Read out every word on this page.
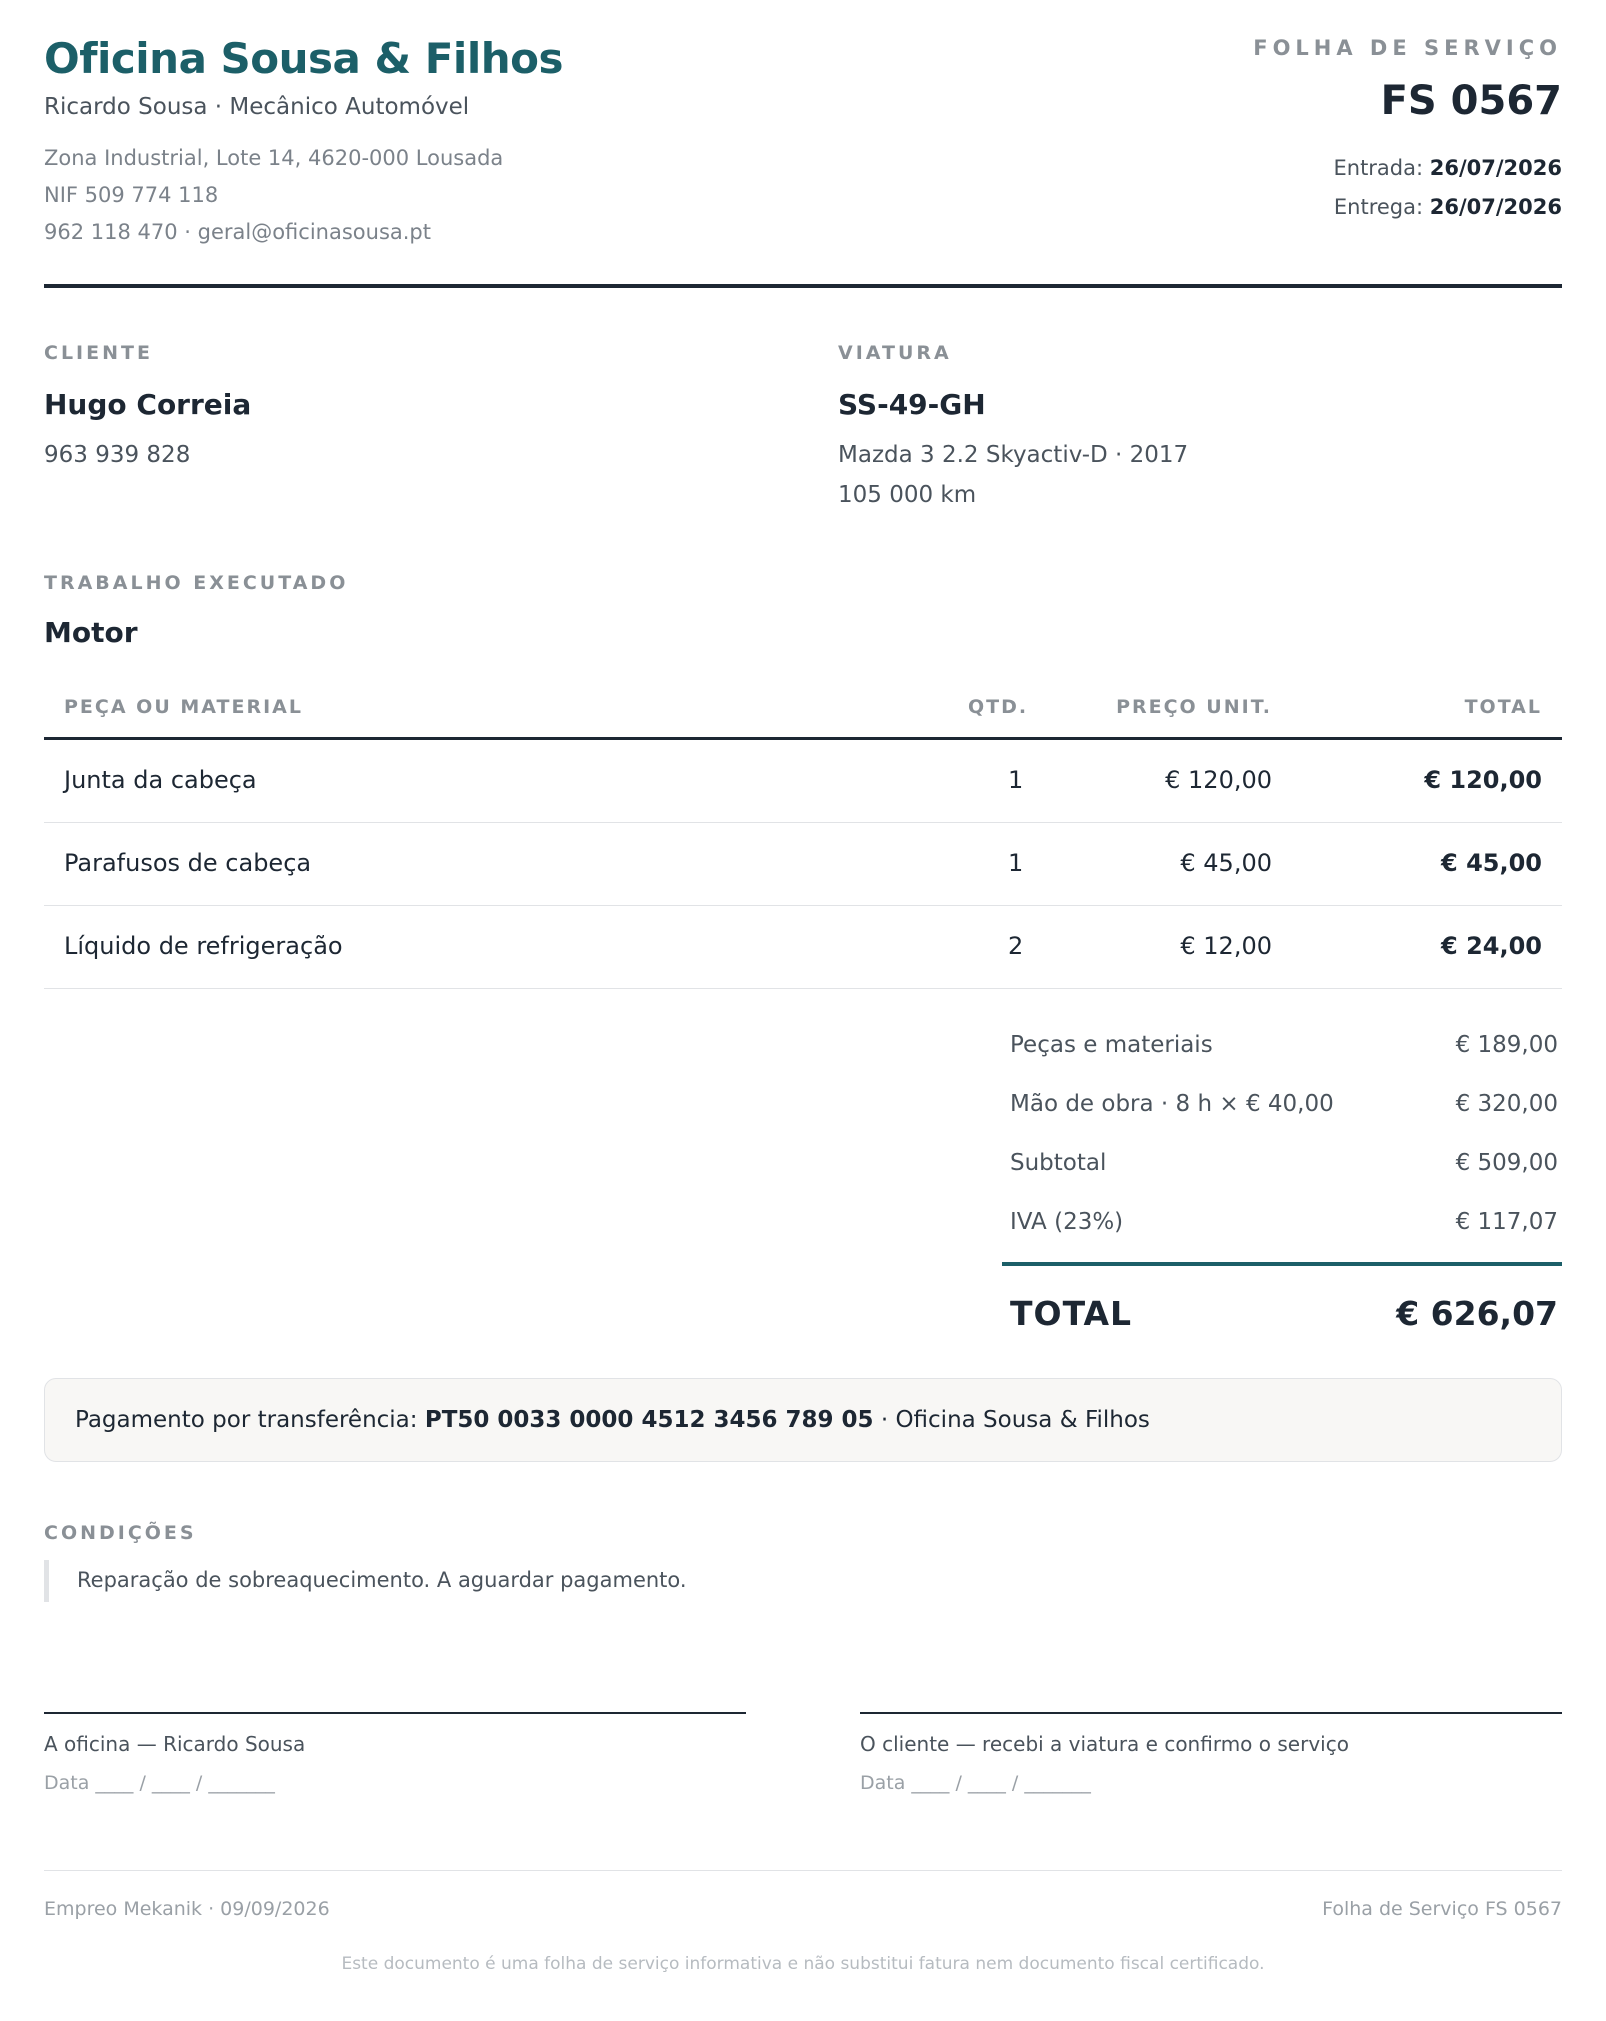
Oficina Sousa & Filhos
Ricardo Sousa · Mecânico Automóvel
Zona Industrial, Lote 14, 4620-000 Lousada
NIF 509 774 118
962 118 470 · geral@oficinasousa.pt
FOLHA DE SERVIÇO
FS 0567
Entrada: 26/07/2026
Entrega: 26/07/2026
CLIENTE
Hugo Correia
963 939 828
VIATURA
SS-49-GH
Mazda 3 2.2 Skyactiv-D · 2017
105 000 km
TRABALHO EXECUTADO
Motor
PEÇA OU MATERIAL	QTD.	PREÇO UNIT.	TOTAL
Junta da cabeça	1	€ 120,00	€ 120,00
Parafusos de cabeça	1	€ 45,00	€ 45,00
Líquido de refrigeração	2	€ 12,00	€ 24,00
Peças e materiais	€ 189,00
Mão de obra · 8 h × € 40,00	€ 320,00
Subtotal	€ 509,00
IVA (23%)	€ 117,07
TOTAL	€ 626,07
Pagamento por transferência: PT50 0033 0000 4512 3456 789 05 · Oficina Sousa & Filhos
CONDIÇÕES
Reparação de sobreaquecimento. A aguardar pagamento.
A oficina — Ricardo Sousa
Data ____ / ____ / _______
O cliente — recebi a viatura e confirmo o serviço
Data ____ / ____ / _______
Empreo Mekanik · 09/09/2026	Folha de Serviço FS 0567
Este documento é uma folha de serviço informativa e não substitui fatura nem documento fiscal certificado.
